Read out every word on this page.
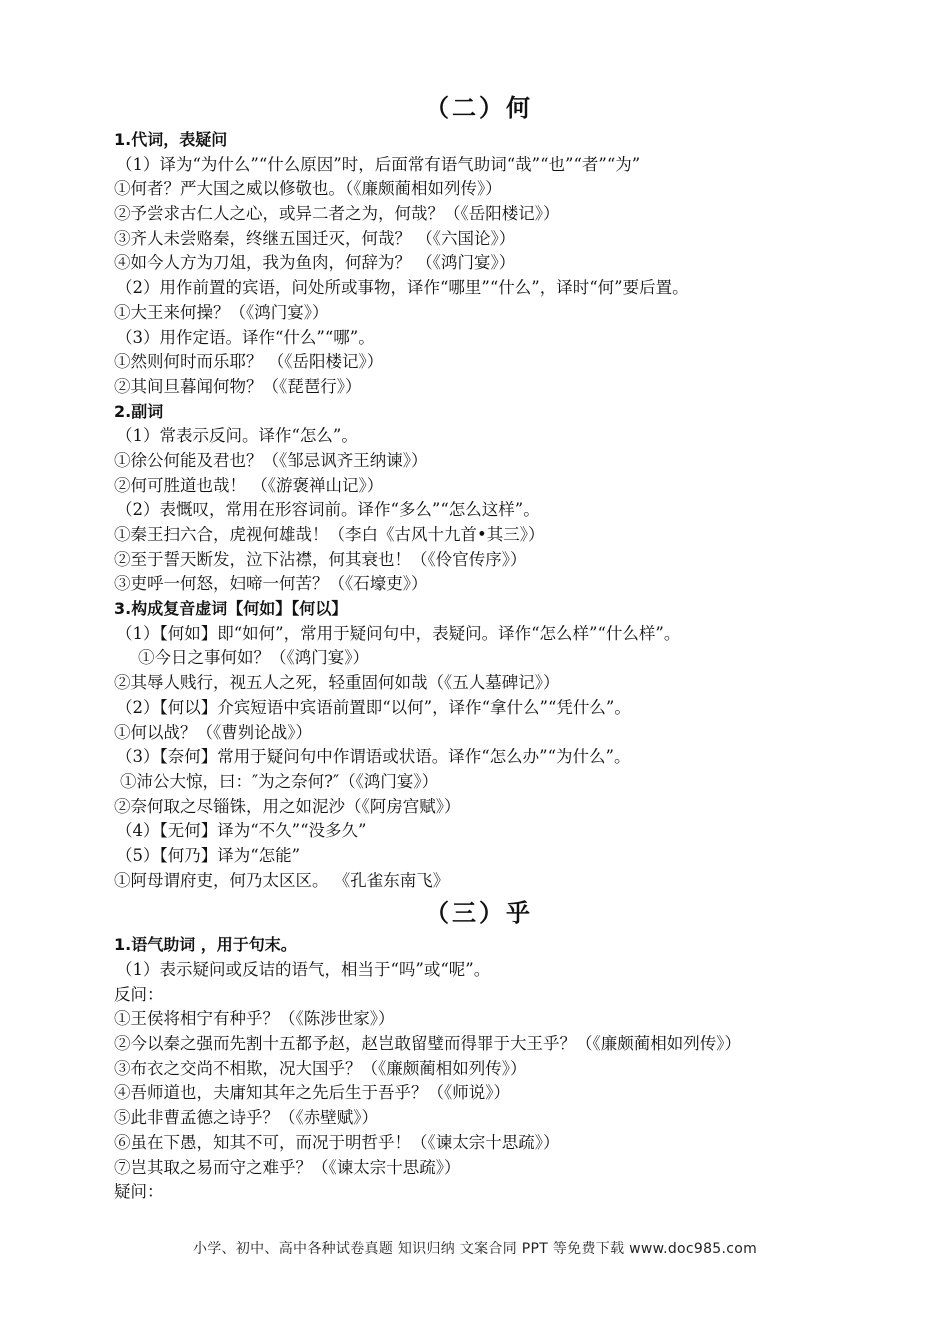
（二）何
1.代词，表疑问
（1）译为“为什么”“什么原因”时，后面常有语气助词“哉”“也”“者”“为”
①何者？严大国之威以修敬也。（《廉颇蔺相如列传》）
②予尝求古仁人之心，或异二者之为，何哉？（《岳阳楼记》）
③齐人未尝赂秦，终继五国迁灭，何哉？ （《六国论》）
④如今人方为刀俎，我为鱼肉，何辞为？ （《鸿门宴》）
（2）用作前置的宾语，问处所或事物，译作“哪里”“什么”，译时“何”要后置。
①大王来何操？（《鸿门宴》）
（3）用作定语。译作“什么”“哪”。
①然则何时而乐耶？ （《岳阳楼记》）
②其间旦暮闻何物？（《琵琶行》）
2.副词
（1）常表示反问。译作“怎么”。
①徐公何能及君也？（《邹忌讽齐王纳谏》）
②何可胜道也哉！ （《游褒禅山记》）
（2）表慨叹，常用在形容词前。译作“多么”“怎么这样”。
①秦王扫六合，虎视何雄哉！（李白《古风十九首•其三》）
②至于誓天断发，泣下沾襟，何其衰也！（《伶官传序》）
③吏呼一何怒，妇啼一何苦？（《石壕吏》）
3.构成复音虚词【何如】【何以】
（1）【何如】即“如何”，常用于疑问句中，表疑问。译作“怎么样”“什么样”。
①今日之事何如？（《鸿门宴》）
②其辱人贱行，视五人之死，轻重固何如哉（《五人墓碑记》）
（2）【何以】介宾短语中宾语前置即“以何”，译作“拿什么”“凭什么”。
①何以战？（《曹刿论战》）
（3）【奈何】常用于疑问句中作谓语或状语。译作“怎么办”“为什么”。
①沛公大惊，曰：″为之奈何?″（《鸿门宴》）
②奈何取之尽锱铢，用之如泥沙（《阿房宫赋》）
（4）【无何】译为“不久”“没多久”
（5）【何乃】译为“怎能”
①阿母谓府吏，何乃太区区。 《孔雀东南飞》
（三）乎
1.语气助词 ，用于句末。
（1）表示疑问或反诘的语气，相当于“吗”或“呢”。
反问：
①王侯将相宁有种乎？（《陈涉世家》）
②今以秦之强而先割十五都予赵，赵岂敢留璧而得罪于大王乎？（《廉颇蔺相如列传》）
③布衣之交尚不相欺，况大国乎？（《廉颇蔺相如列传》）
④吾师道也，夫庸知其年之先后生于吾乎？（《师说》）
⑤此非曹孟德之诗乎？（《赤壁赋》）
⑥虽在下愚，知其不可，而况于明哲乎！（《谏太宗十思疏》）
⑦岂其取之易而守之难乎？（《谏太宗十思疏》）
疑问：
小学、初中、高中各种试卷真题 知识归纳 文案合同 PPT 等免费下载 www.doc985.com
